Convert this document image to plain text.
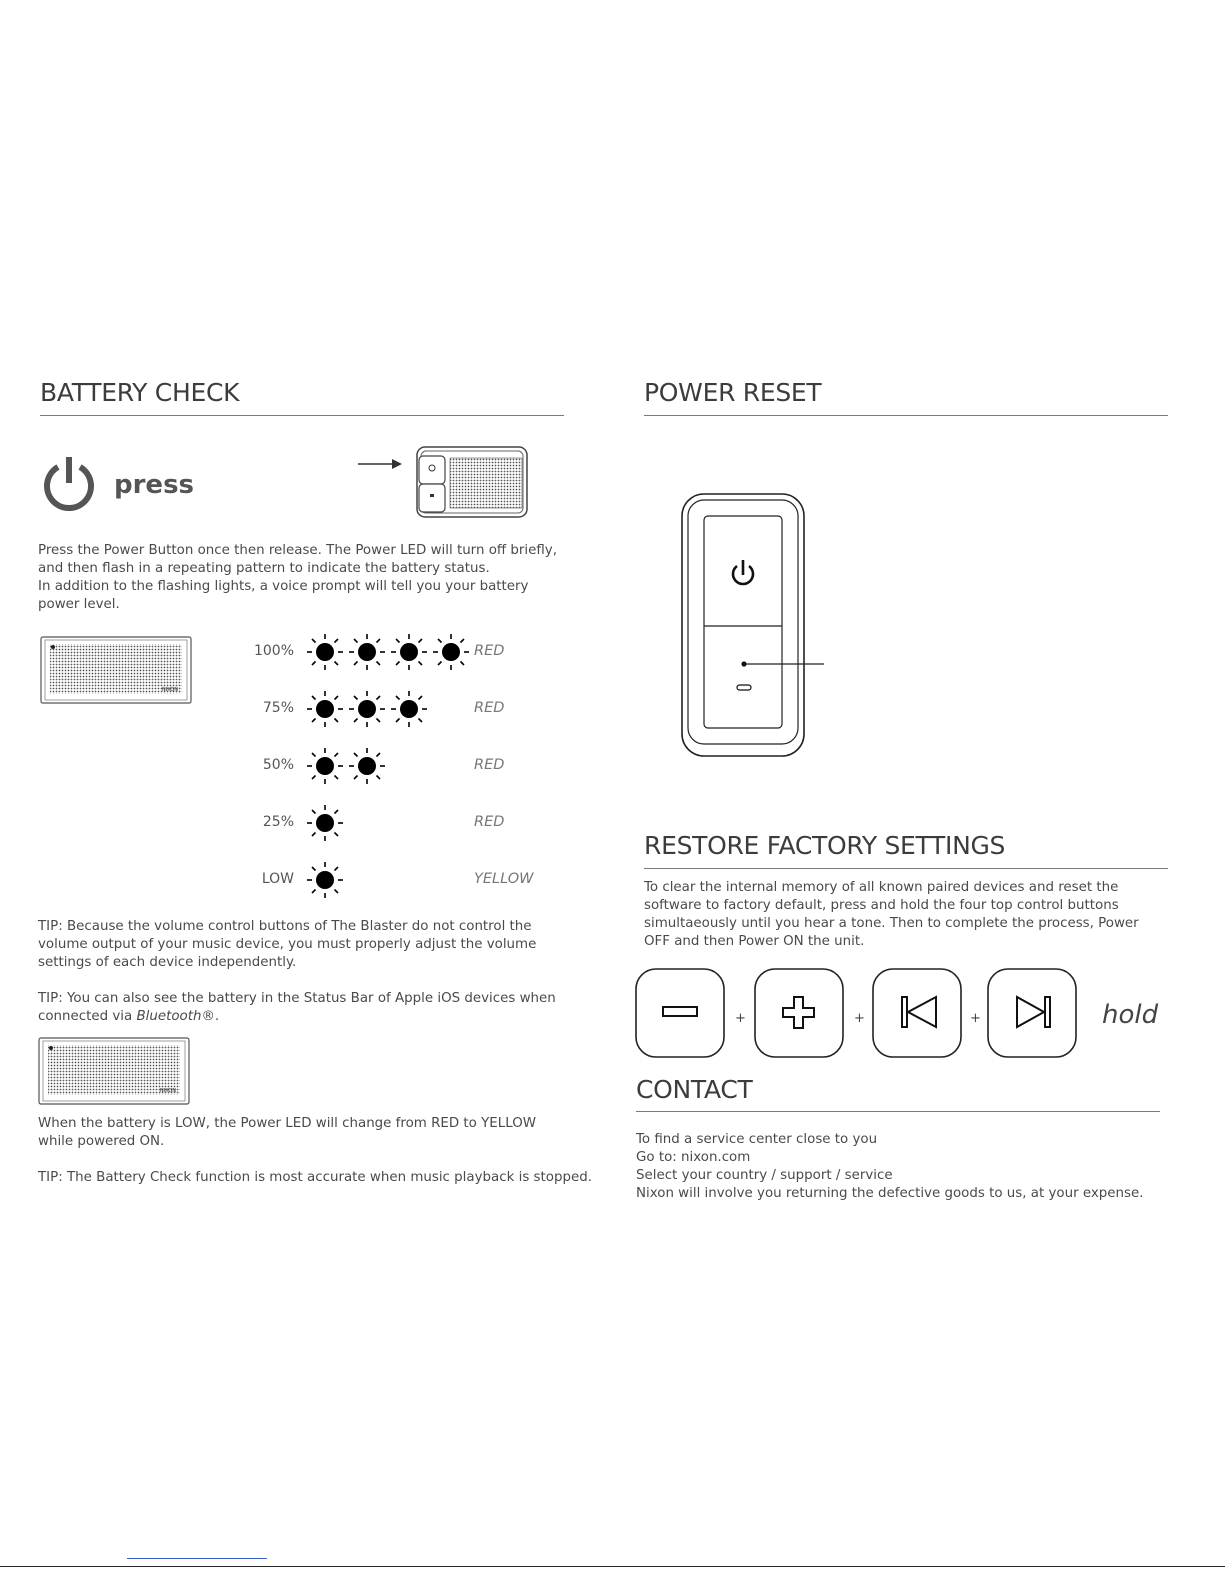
BATTERY CHECK
press
Press the Power Button once then release. The Power LED will turn off briefly,
and then flash in a repeating pattern to indicate the battery status.
In addition to the flashing lights, a voice prompt will tell you your battery
power level.
NIXON
100%	RED
75%	RED
50%	RED
25%	RED
LOW	YELLOW
TIP: Because the volume control buttons of The Blaster do not control the
volume output of your music device, you must properly adjust the volume
settings of each device independently.
TIP: You can also see the battery in the Status Bar of Apple iOS devices when
connected via Bluetooth®.
NIXON
When the battery is LOW, the Power LED will change from RED to YELLOW
while powered ON.
TIP: The Battery Check function is most accurate when music playback is stopped.
POWER RESET
RESTORE FACTORY SETTINGS
To clear the internal memory of all known paired devices and reset the
software to factory default, press and hold the four top control buttons
simultaeously until you hear a tone. Then to complete the process, Power
OFF and then Power ON the unit.
+	+	+	hold
CONTACT
To find a service center close to you
Go to: nixon.com
Select your country / support / service
Nixon will involve you returning the defective goods to us, at your expense.
